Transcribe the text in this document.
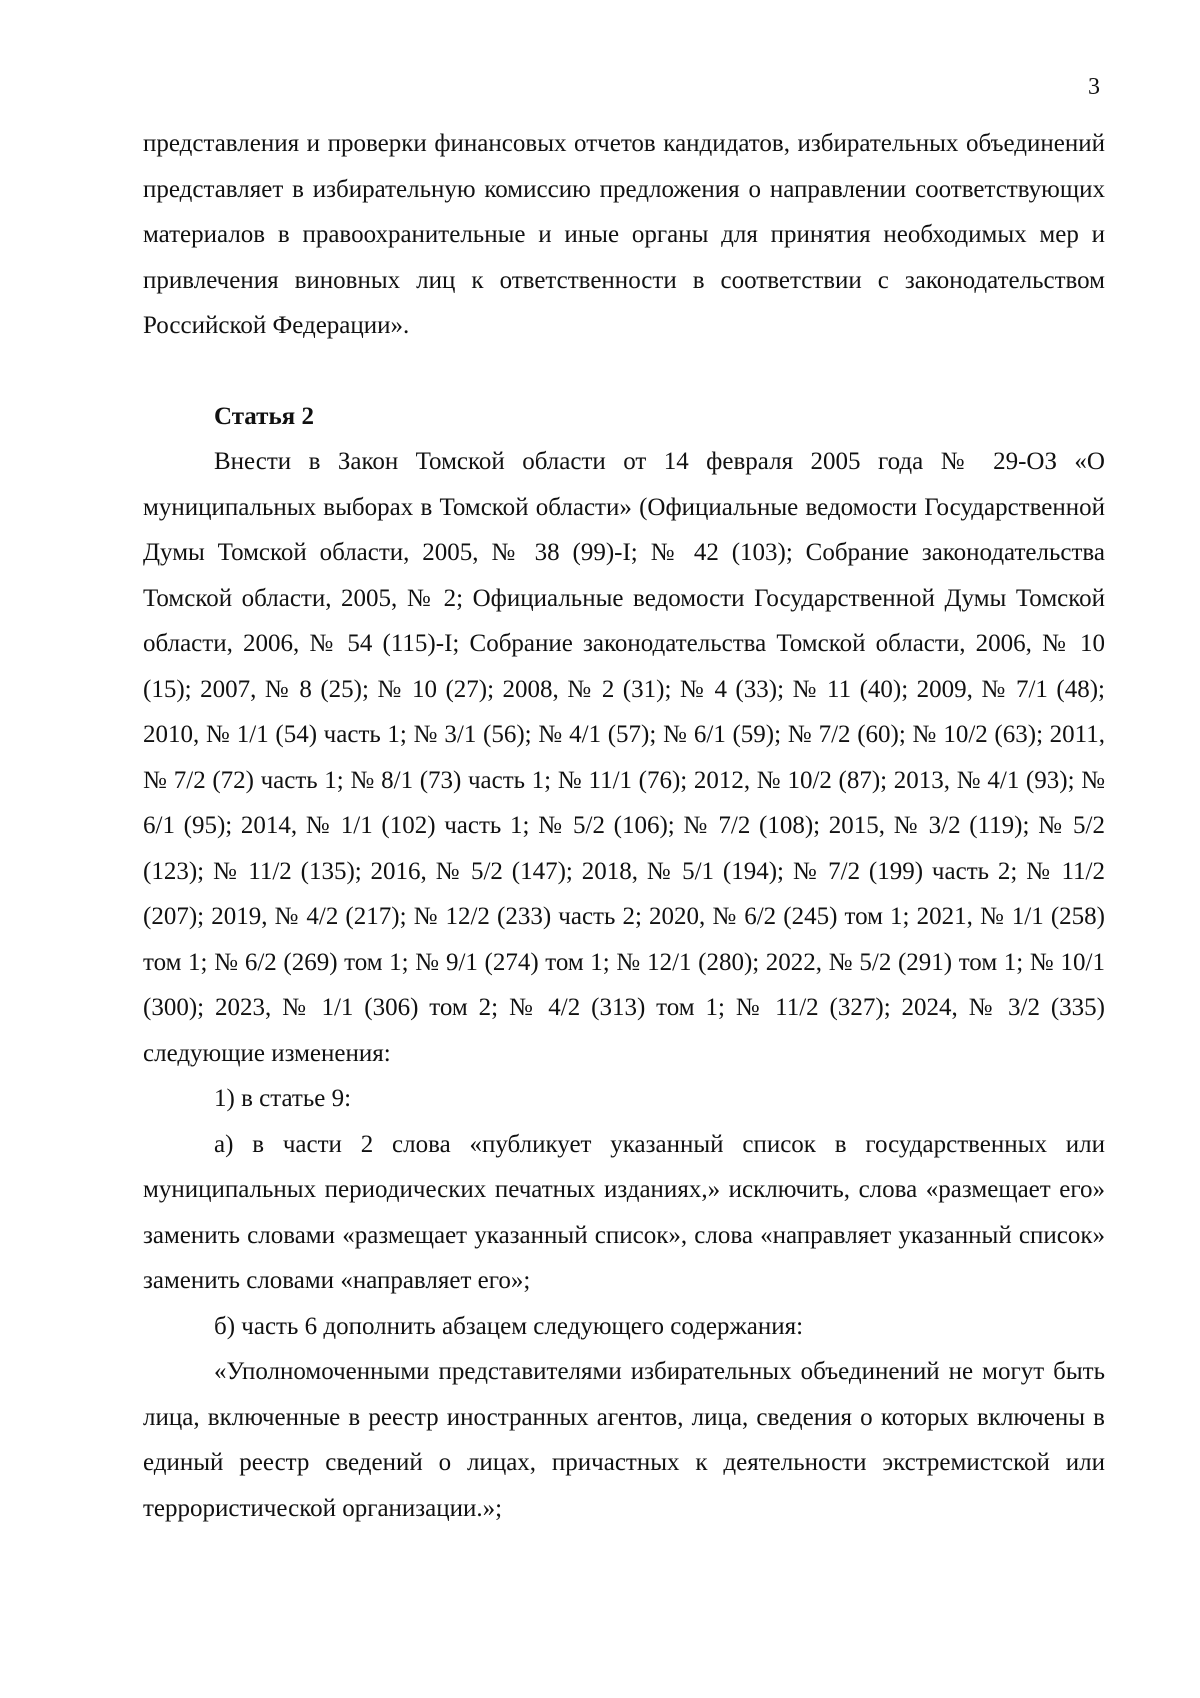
3

представления и проверки финансовых отчетов кандидатов, избирательных объединений представляет в избирательную комиссию предложения о направлении соответствующих материалов в правоохранительные и иные органы для принятия необходимых мер и привлечения виновных лиц к ответственности в соответствии с законодательством Российской Федерации».

Статья 2

Внести в Закон Томской области от 14 февраля 2005 года № 29-ОЗ «О муниципальных выборах в Томской области» (Официальные ведомости Государственной Думы Томской области, 2005, № 38 (99)-I; № 42 (103); Собрание законодательства Томской области, 2005, № 2; Официальные ведомости Государственной Думы Томской области, 2006, № 54 (115)-I; Собрание законодательства Томской области, 2006, № 10 (15); 2007, № 8 (25); № 10 (27); 2008, № 2 (31); № 4 (33); № 11 (40); 2009, № 7/1 (48); 2010, № 1/1 (54) часть 1; № 3/1 (56); № 4/1 (57); № 6/1 (59); № 7/2 (60); № 10/2 (63); 2011, № 7/2 (72) часть 1; № 8/1 (73) часть 1; № 11/1 (76); 2012, № 10/2 (87); 2013, № 4/1 (93); № 6/1 (95); 2014, № 1/1 (102) часть 1; № 5/2 (106); № 7/2 (108); 2015, № 3/2 (119); № 5/2 (123); № 11/2 (135); 2016, № 5/2 (147); 2018, № 5/1 (194); № 7/2 (199) часть 2; № 11/2 (207); 2019, № 4/2 (217); № 12/2 (233) часть 2; 2020, № 6/2 (245) том 1; 2021, № 1/1 (258) том 1; № 6/2 (269) том 1; № 9/1 (274) том 1; № 12/1 (280); 2022, № 5/2 (291) том 1; № 10/1 (300); 2023, № 1/1 (306) том 2; № 4/2 (313) том 1; № 11/2 (327); 2024, № 3/2 (335) следующие изменения:

1) в статье 9:

а) в части 2 слова «публикует указанный список в государственных или муниципальных периодических печатных изданиях,» исключить, слова «размещает его» заменить словами «размещает указанный список», слова «направляет указанный список» заменить словами «направляет его»;

б) часть 6 дополнить абзацем следующего содержания:

«Уполномоченными представителями избирательных объединений не могут быть лица, включенные в реестр иностранных агентов, лица, сведения о которых включены в единый реестр сведений о лицах, причастных к деятельности экстремистской или террористической организации.»;
